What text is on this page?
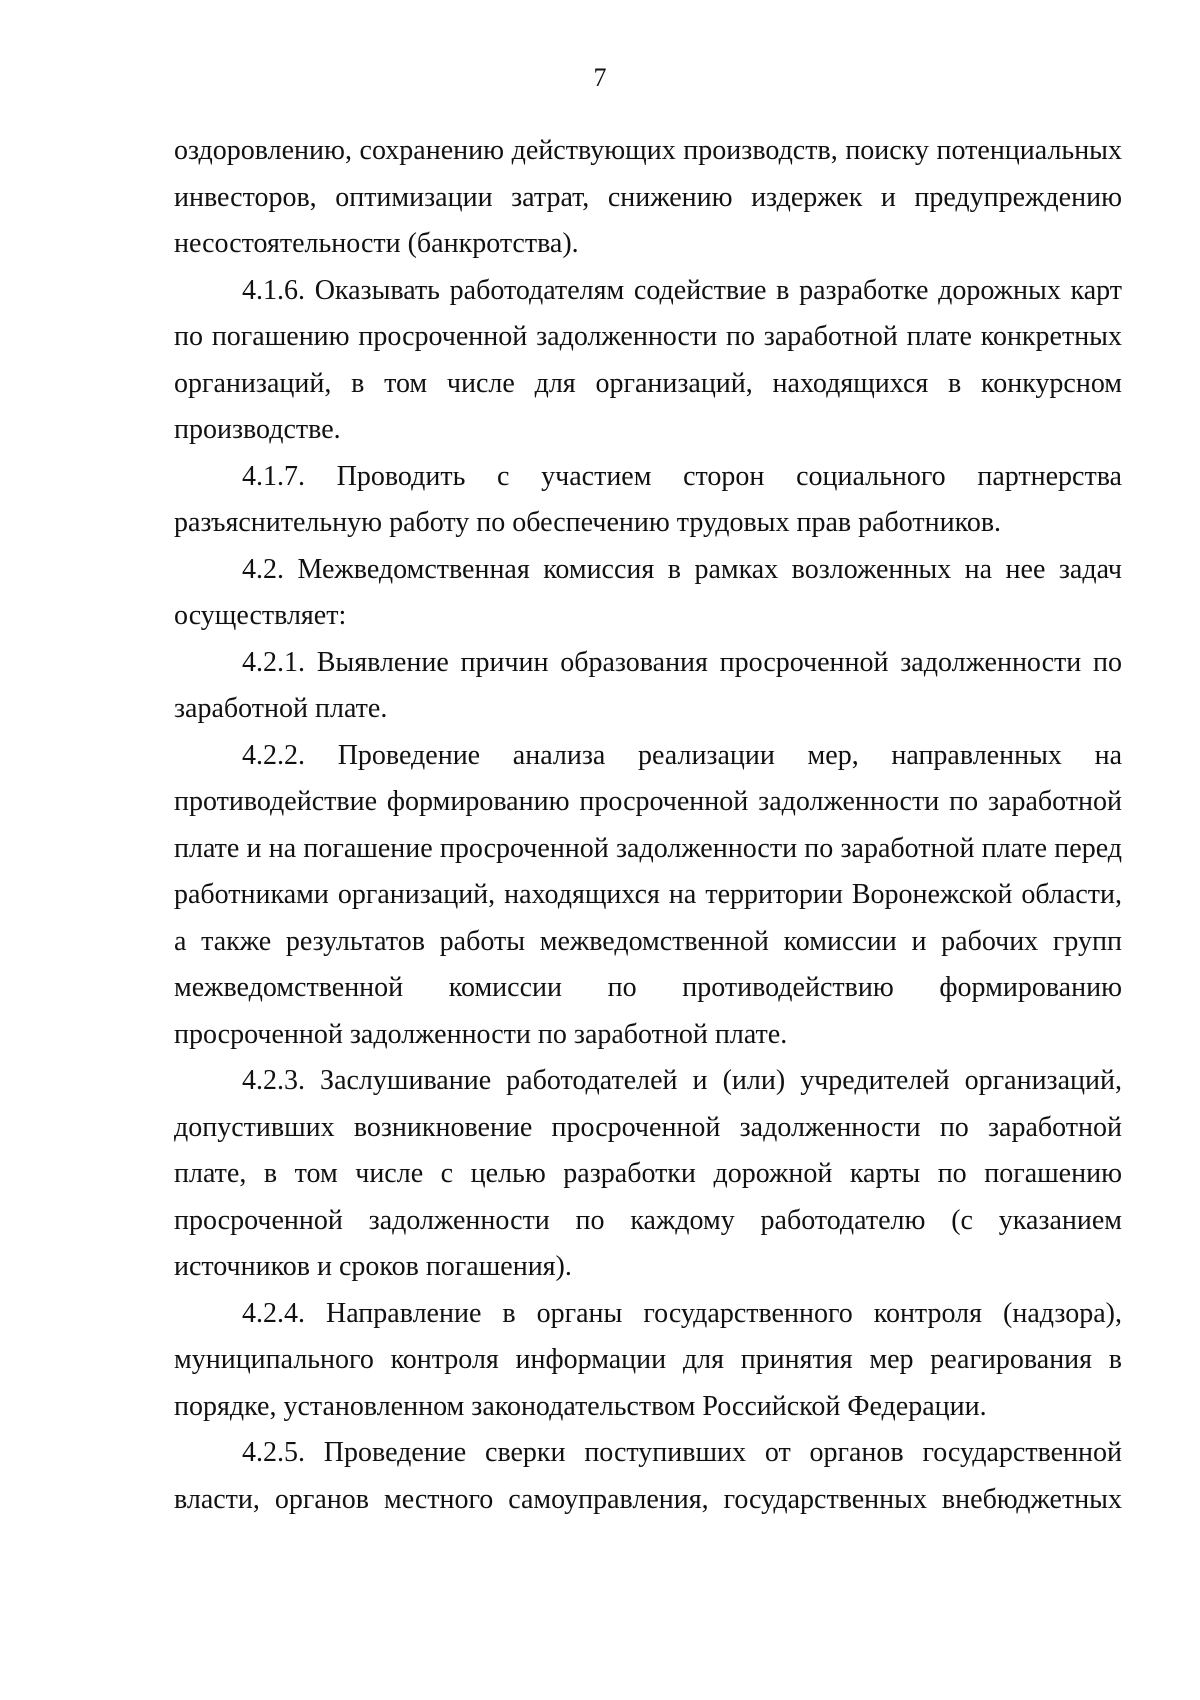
7

оздоровлению, сохранению действующих производств, поиску потенциальных инвесторов, оптимизации затрат, снижению издержек и предупреждению несостоятельности (банкротства).

4.1.6. Оказывать работодателям содействие в разработке дорожных карт по погашению просроченной задолженности по заработной плате конкретных организаций, в том числе для организаций, находящихся в конкурсном производстве.

4.1.7. Проводить с участием сторон социального партнерства разъяснительную работу по обеспечению трудовых прав работников.

4.2. Межведомственная комиссия в рамках возложенных на нее задач осуществляет:

4.2.1. Выявление причин образования просроченной задолженности по заработной плате.

4.2.2. Проведение анализа реализации мер, направленных на противодействие формированию просроченной задолженности по заработной плате и на погашение просроченной задолженности по заработной плате перед работниками организаций, находящихся на территории Воронежской области, а также результатов работы межведомственной комиссии и рабочих групп межведомственной комиссии по противодействию формированию просроченной задолженности по заработной плате.

4.2.3. Заслушивание работодателей и (или) учредителей организаций, допустивших возникновение просроченной задолженности по заработной плате, в том числе с целью разработки дорожной карты по погашению просроченной задолженности по каждому работодателю (с указанием источников и сроков погашения).

4.2.4. Направление в органы государственного контроля (надзора), муниципального контроля информации для принятия мер реагирования в порядке, установленном законодательством Российской Федерации.

4.2.5. Проведение сверки поступивших от органов государственной власти, органов местного самоуправления, государственных внебюджетных
